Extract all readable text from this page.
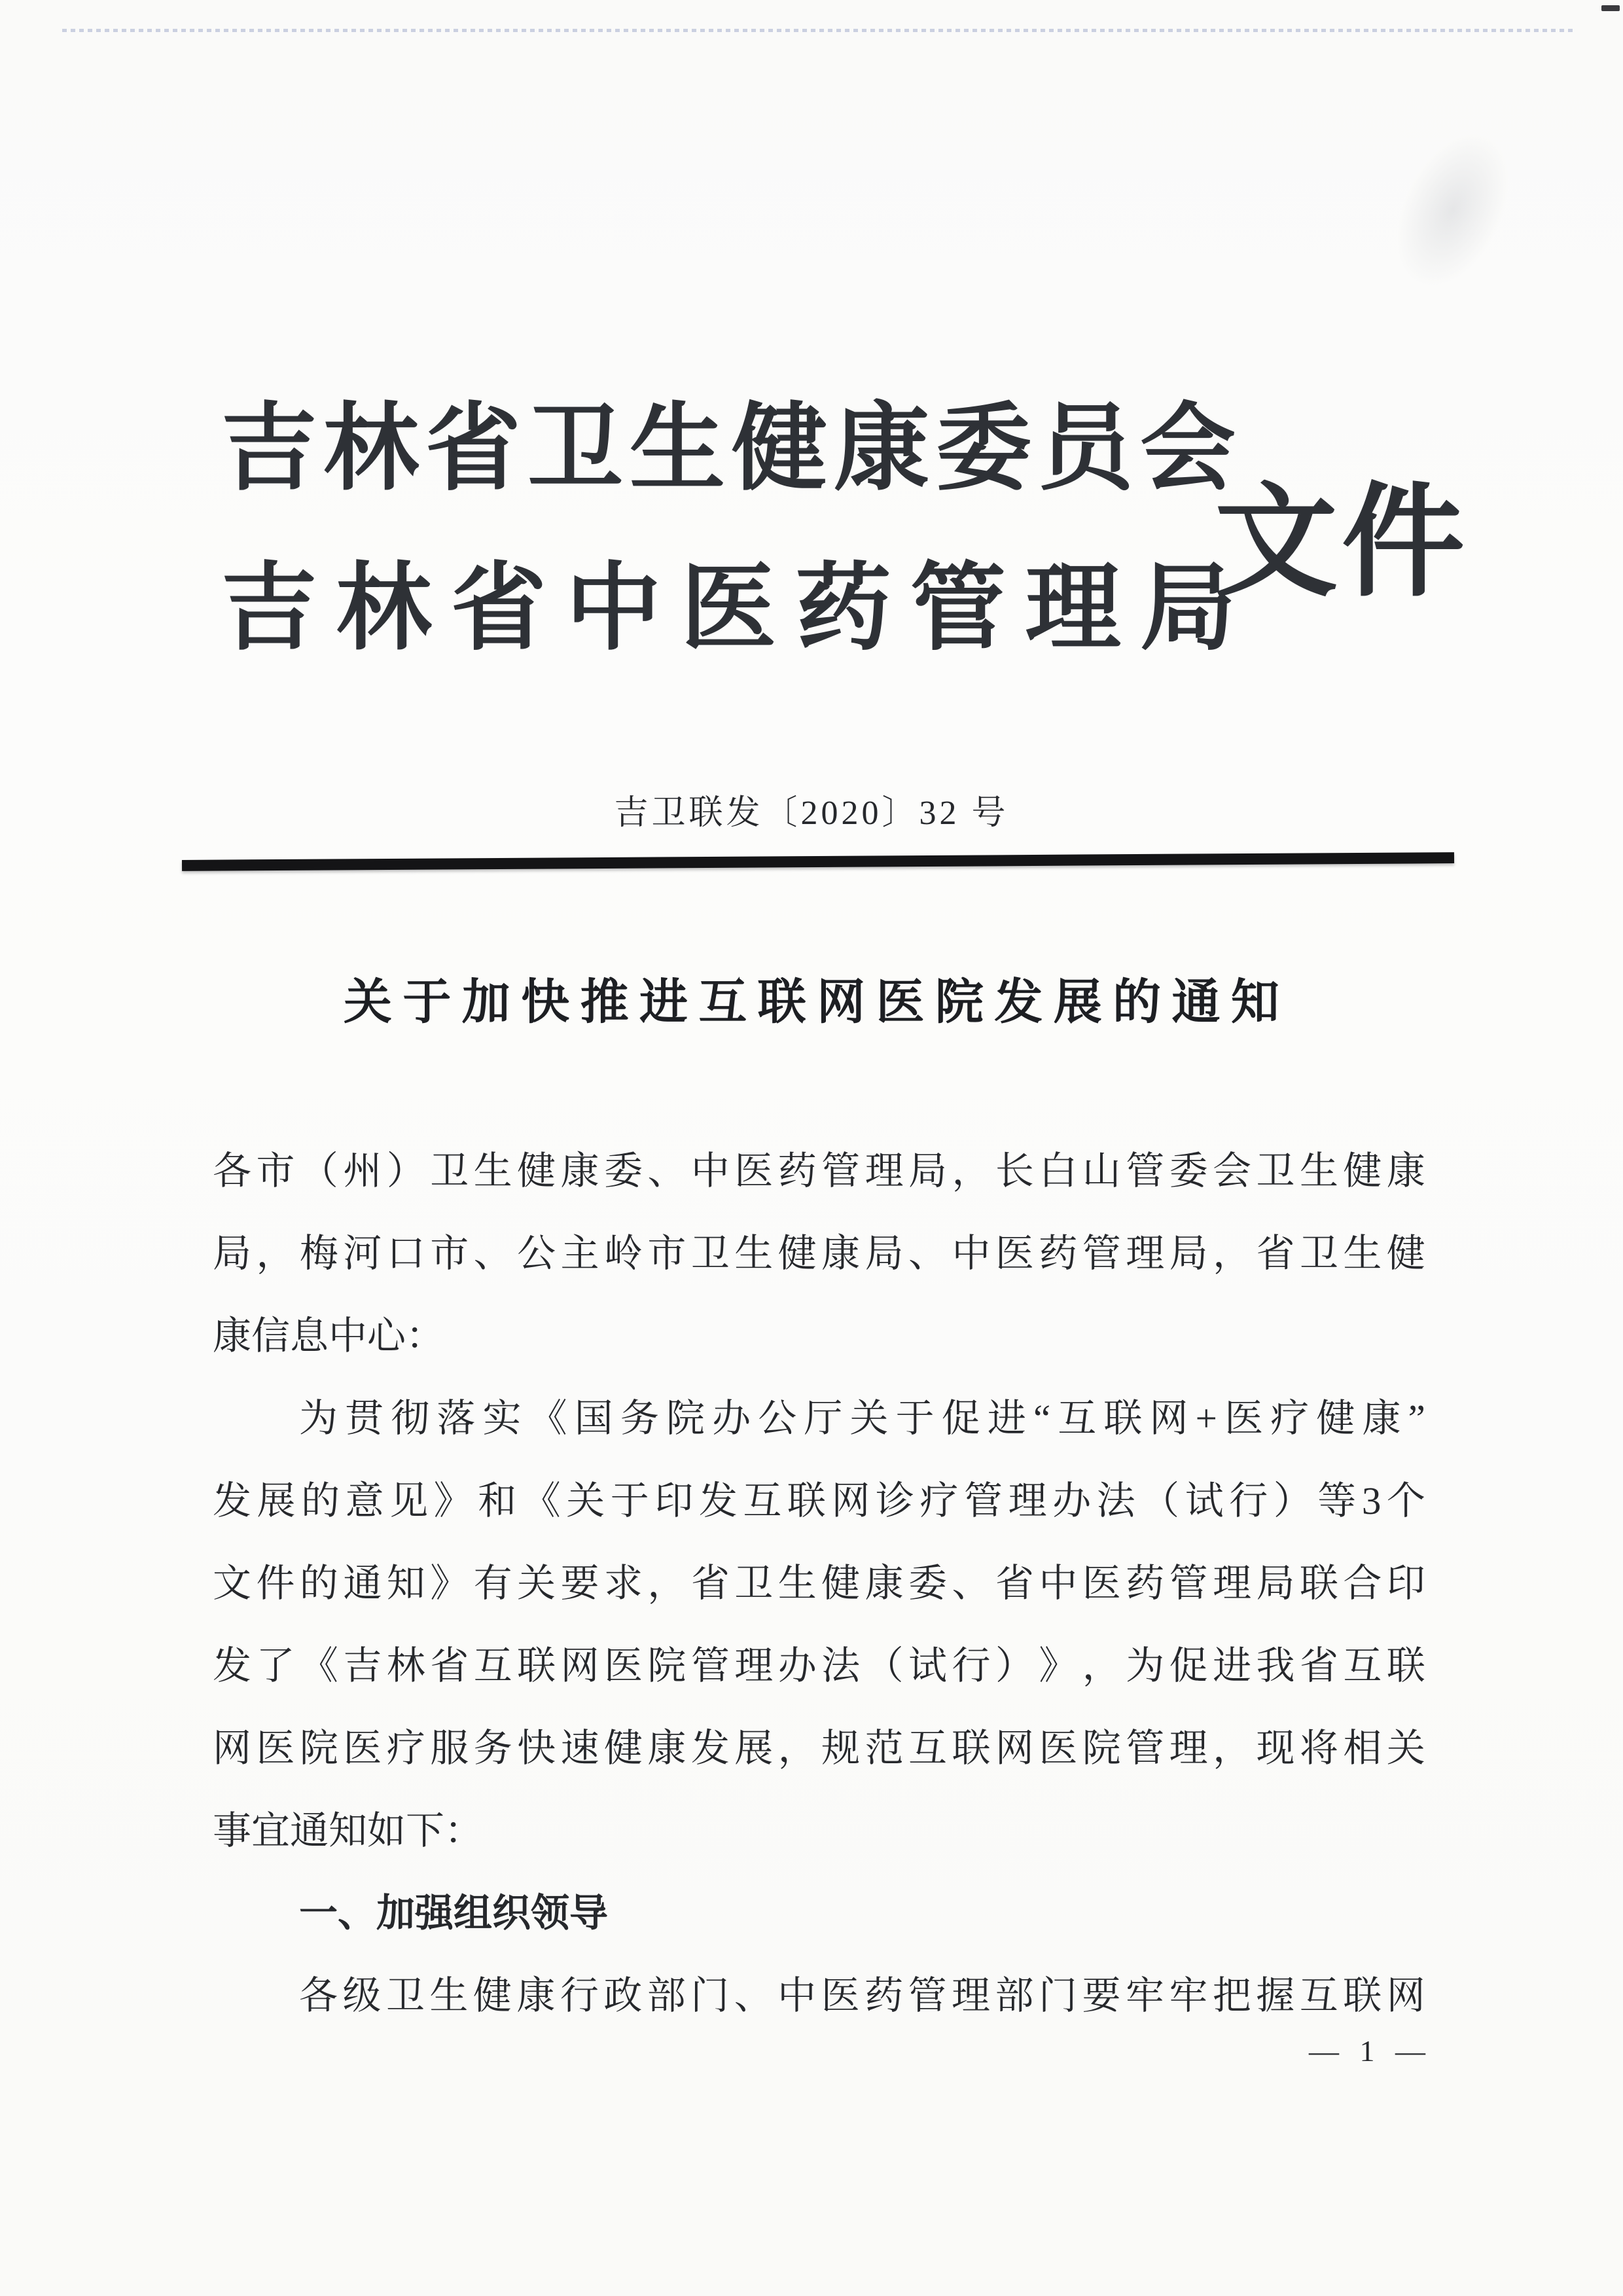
吉 林 省 卫 生 健 康 委 员 会
吉 林 省 中 医 药 管 理 局
文件
吉卫联发〔2020〕32 号
关 于 加 快 推 进 互 联 网 医 院 发 展 的 通 知
各 市 （ 州 ） 卫 生 健 康 委 、 中 医 药 管 理 局 ， 长 白 山 管 委 会 卫 生 健 康
局 ， 梅 河 口 市 、 公 主 岭 市 卫 生 健 康 局 、 中 医 药 管 理 局 ， 省 卫 生 健
康信息中心：
为 贯 彻 落 实 《 国 务 院 办 公 厅 关 于 促 进 “ 互 联 网 + 医 疗 健 康 ”
发 展 的 意 见 》 和 《 关 于 印 发 互 联 网 诊 疗 管 理 办 法 （ 试 行 ） 等 3 个
文 件 的 通 知 》 有 关 要 求 ， 省 卫 生 健 康 委 、 省 中 医 药 管 理 局 联 合 印
发 了 《 吉 林 省 互 联 网 医 院 管 理 办 法 （ 试 行 ） 》 ， 为 促 进 我 省 互 联
网 医 院 医 疗 服 务 快 速 健 康 发 展 ， 规 范 互 联 网 医 院 管 理 ， 现 将 相 关
事宜通知如下：
一、加强组织领导
各 级 卫 生 健 康 行 政 部 门 、 中 医 药 管 理 部 门 要 牢 牢 把 握 互 联 网
— 1 —
